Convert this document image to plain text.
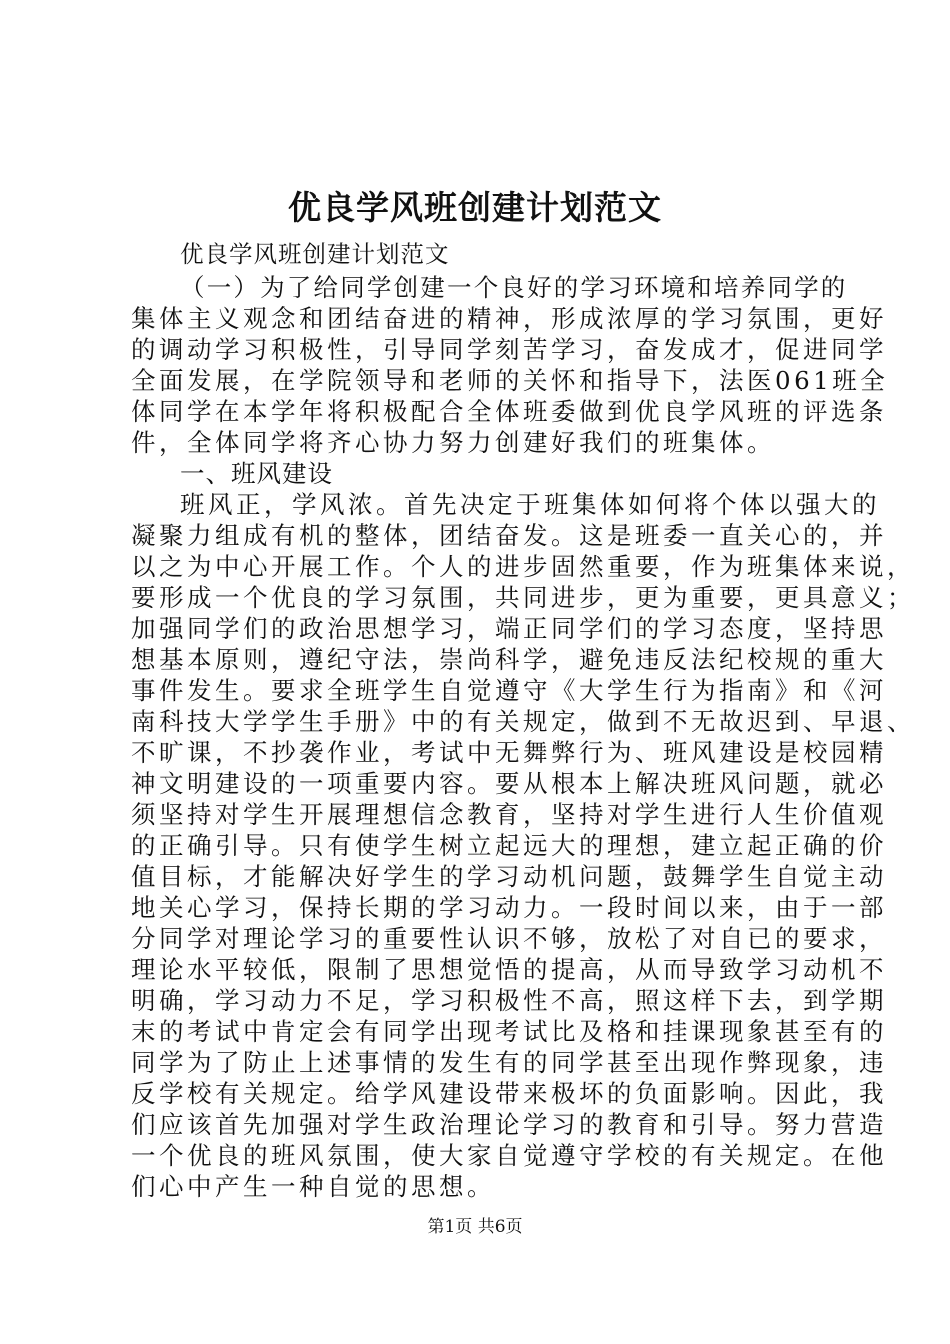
优良学风班创建计划范文
优良学风班创建计划范文
（一）为了给同学创建一个良好的学习环境和培养同学的
集体主义观念和团结奋进的精神，形成浓厚的学习氛围，更好
的调动学习积极性，引导同学刻苦学习，奋发成才，促进同学
全面发展，在学院领导和老师的关怀和指导下，法医061班全
体同学在本学年将积极配合全体班委做到优良学风班的评选条
件，全体同学将齐心协力努力创建好我们的班集体。
一、班风建设
班风正，学风浓。首先决定于班集体如何将个体以强大的
凝聚力组成有机的整体，团结奋发。这是班委一直关心的，并
以之为中心开展工作。个人的进步固然重要，作为班集体来说，
要形成一个优良的学习氛围，共同进步，更为重要，更具意义；
加强同学们的政治思想学习，端正同学们的学习态度，坚持思
想基本原则，遵纪守法，崇尚科学，避免违反法纪校规的重大
事件发生。要求全班学生自觉遵守《大学生行为指南》和《河
南科技大学学生手册》中的有关规定，做到不无故迟到、早退、
不旷课，不抄袭作业，考试中无舞弊行为、班风建设是校园精
神文明建设的一项重要内容。要从根本上解决班风问题，就必
须坚持对学生开展理想信念教育，坚持对学生进行人生价值观
的正确引导。只有使学生树立起远大的理想，建立起正确的价
值目标，才能解决好学生的学习动机问题，鼓舞学生自觉主动
地关心学习，保持长期的学习动力。一段时间以来，由于一部
分同学对理论学习的重要性认识不够，放松了对自已的要求，
理论水平较低，限制了思想觉悟的提高，从而导致学习动机不
明确，学习动力不足，学习积极性不高，照这样下去，到学期
末的考试中肯定会有同学出现考试比及格和挂课现象甚至有的
同学为了防止上述事情的发生有的同学甚至出现作弊现象，违
反学校有关规定。给学风建设带来极坏的负面影响。因此，我
们应该首先加强对学生政治理论学习的教育和引导。努力营造
一个优良的班风氛围，使大家自觉遵守学校的有关规定。在他
们心中产生一种自觉的思想。
第1页 共6页
